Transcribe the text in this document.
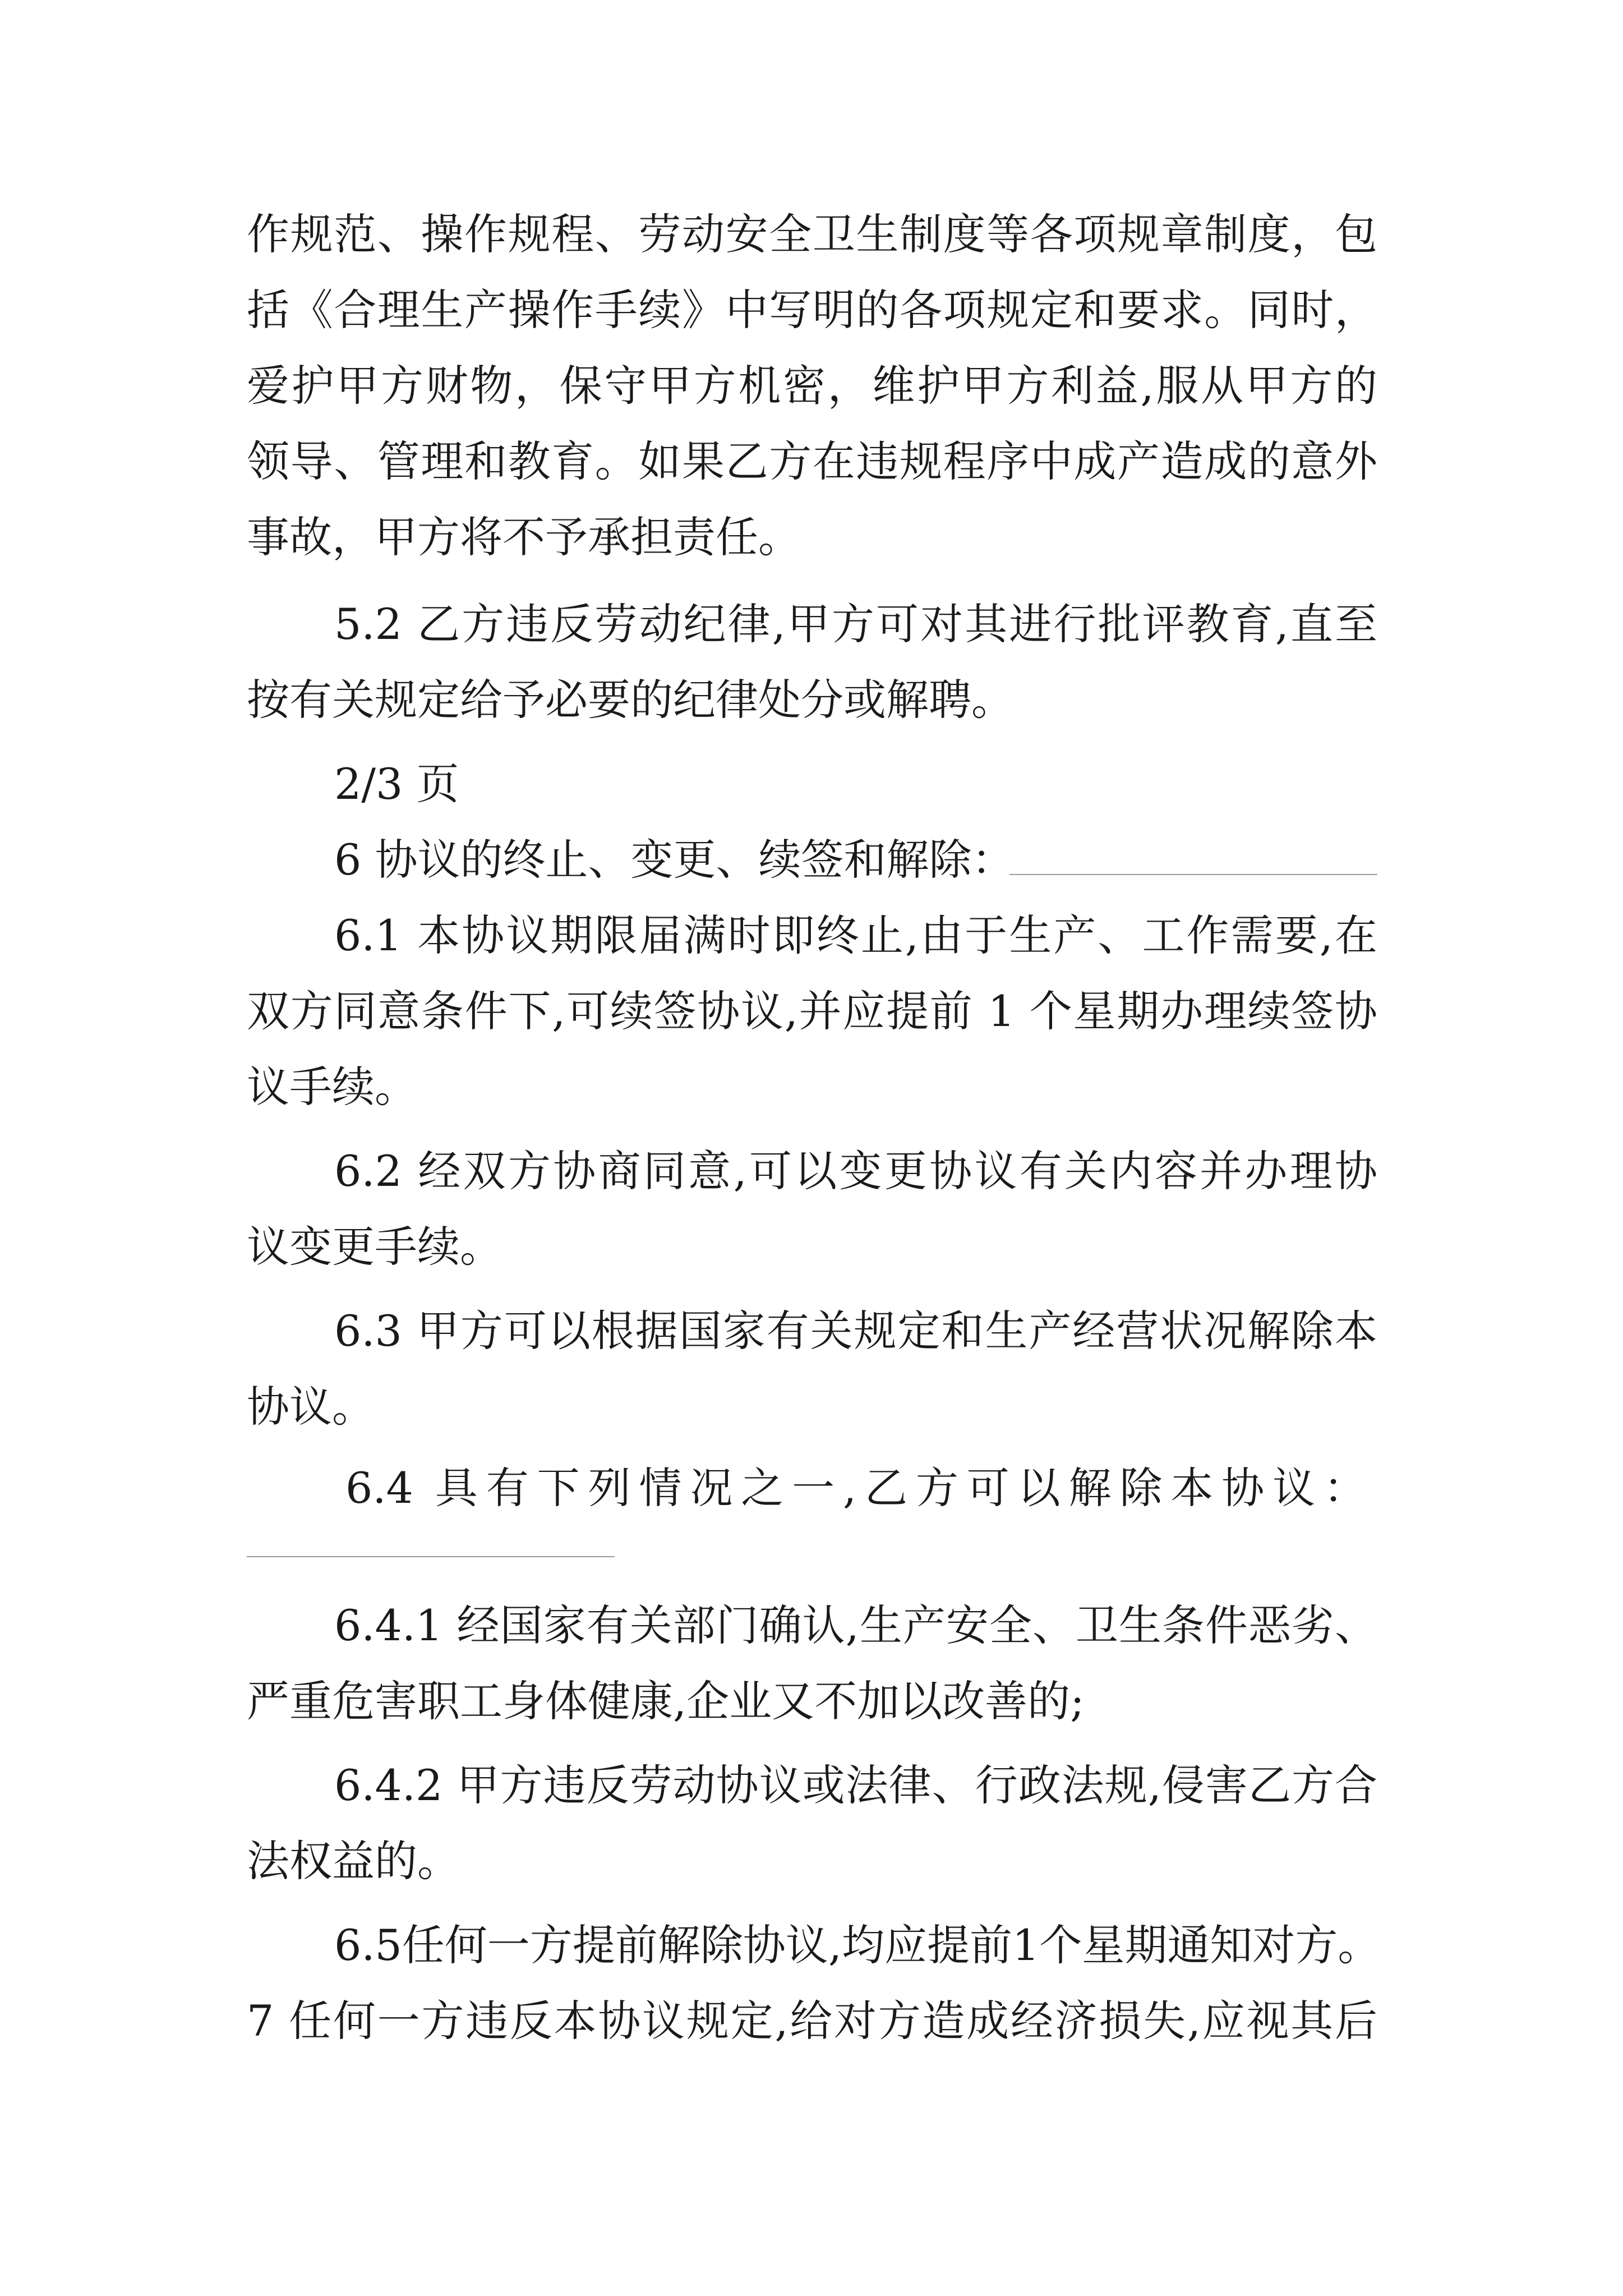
作规范、操作规程、劳动安全卫生制度等各项规章制度，包
括《合理生产操作手续》中写明的各项规定和要求。同时，
爱护甲方财物，保守甲方机密，维护甲方利益,服从甲方的
领导、管理和教育。如果乙方在违规程序中成产造成的意外
事故，甲方将不予承担责任。
5.2 乙方违反劳动纪律,甲方可对其进行批评教育,直至
按有关规定给予必要的纪律处分或解聘。
2/3 页
6 协议的终止、变更、续签和解除：
6.1 本协议期限届满时即终止,由于生产、工作需要,在
双方同意条件下,可续签协议,并应提前 1 个星期办理续签协
议手续。
6.2 经双方协商同意,可以变更协议有关内容并办理协
议变更手续。
6.3 甲方可以根据国家有关规定和生产经营状况解除本
协议。
6.4 具有下列情况之一,乙方可以解除本协议：
6.4.1 经国家有关部门确认,生产安全、卫生条件恶劣、
严重危害职工身体健康,企业又不加以改善的;
6.4.2 甲方违反劳动协议或法律、行政法规,侵害乙方合
法权益的。
6.5任何一方提前解除协议,均应提前1个星期通知对方。
7 任何一方违反本协议规定,给对方造成经济损失,应视其后
